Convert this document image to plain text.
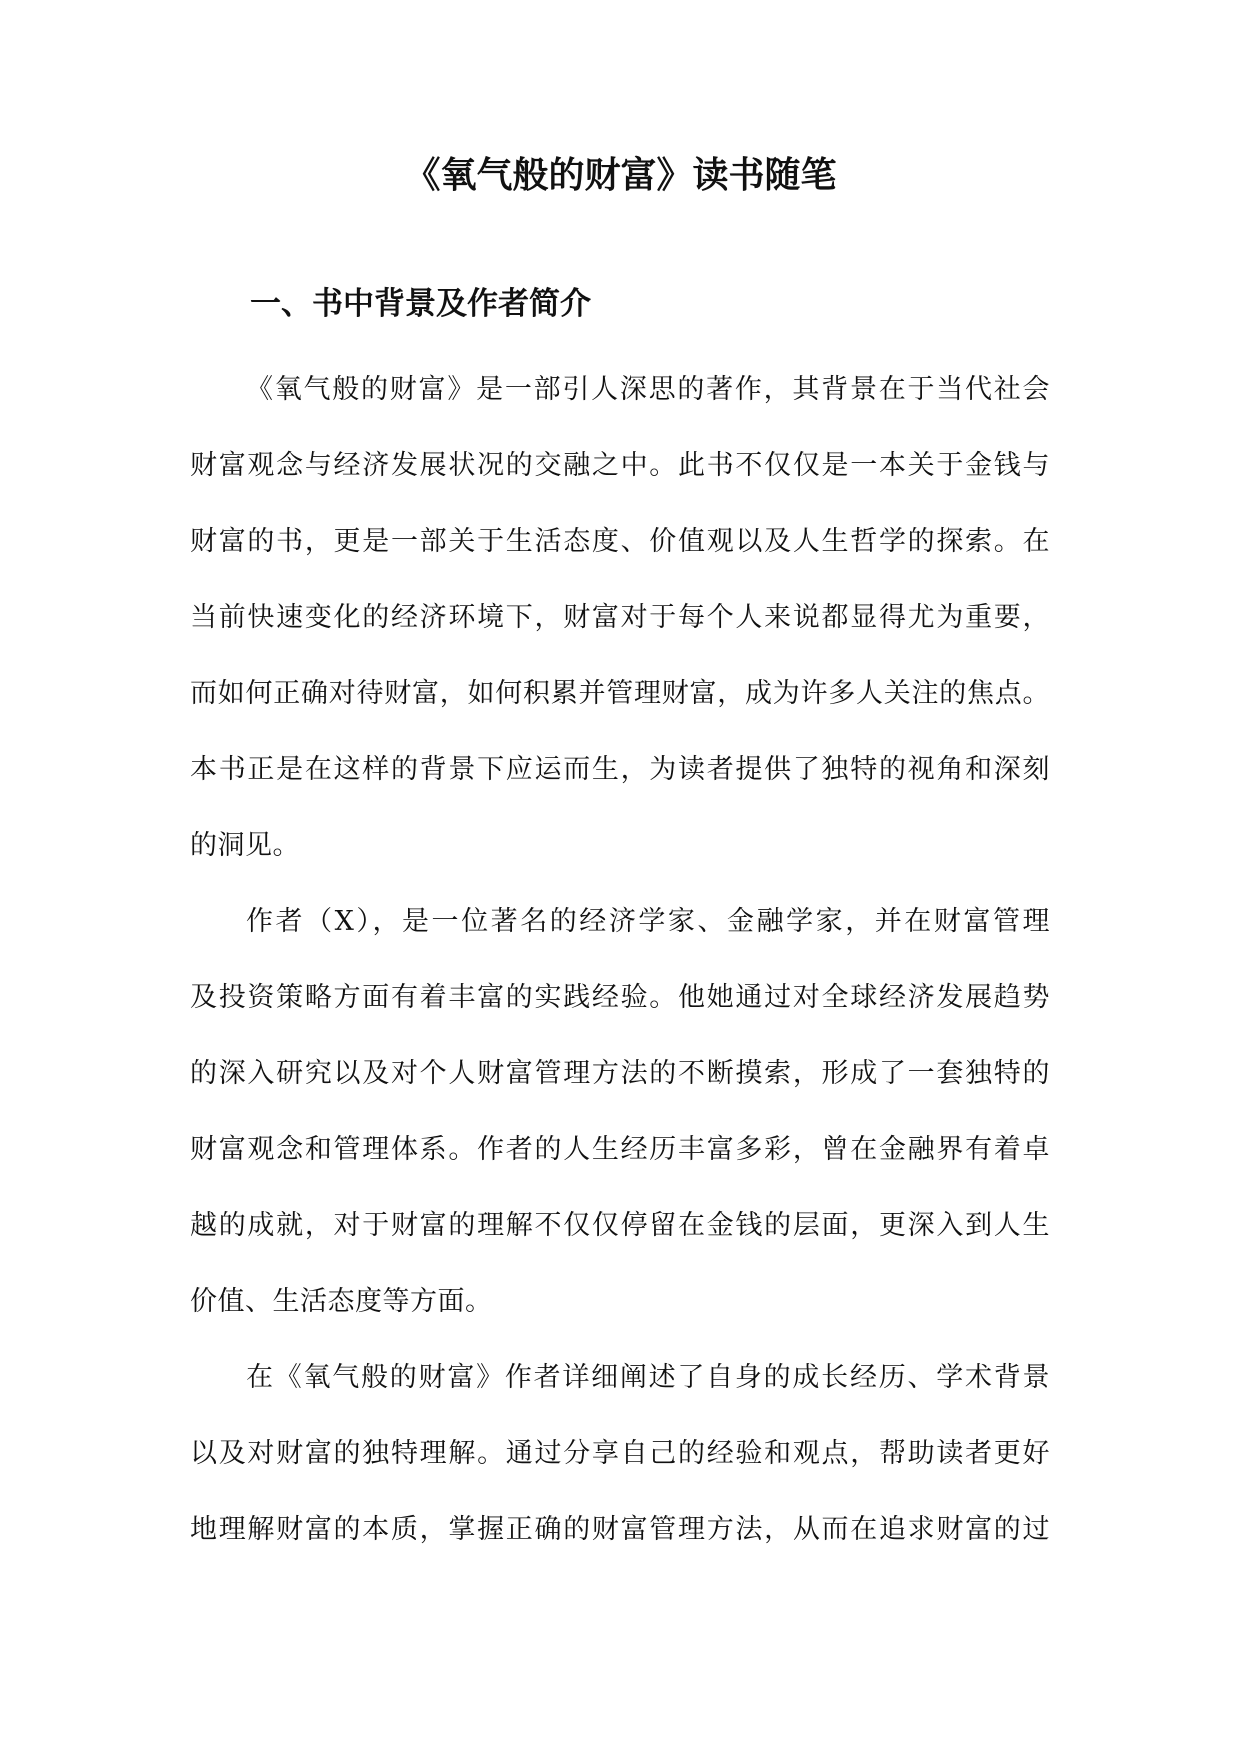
《氧气般的财富》读书随笔
一、书中背景及作者简介
《氧气般的财富》是一部引人深思的著作，其背景在于当代社会
财富观念与经济发展状况的交融之中。此书不仅仅是一本关于金钱与
财富的书，更是一部关于生活态度、价值观以及人生哲学的探索。在
当前快速变化的经济环境下，财富对于每个人来说都显得尤为重要，
而如何正确对待财富，如何积累并管理财富，成为许多人关注的焦点。
本书正是在这样的背景下应运而生，为读者提供了独特的视角和深刻
的洞见。
作者（X），是一位著名的经济学家、金融学家，并在财富管理
及投资策略方面有着丰富的实践经验。他她通过对全球经济发展趋势
的深入研究以及对个人财富管理方法的不断摸索，形成了一套独特的
财富观念和管理体系。作者的人生经历丰富多彩，曾在金融界有着卓
越的成就，对于财富的理解不仅仅停留在金钱的层面，更深入到人生
价值、生活态度等方面。
在《氧气般的财富》作者详细阐述了自身的成长经历、学术背景
以及对财富的独特理解。通过分享自己的经验和观点，帮助读者更好
地理解财富的本质，掌握正确的财富管理方法，从而在追求财富的过
